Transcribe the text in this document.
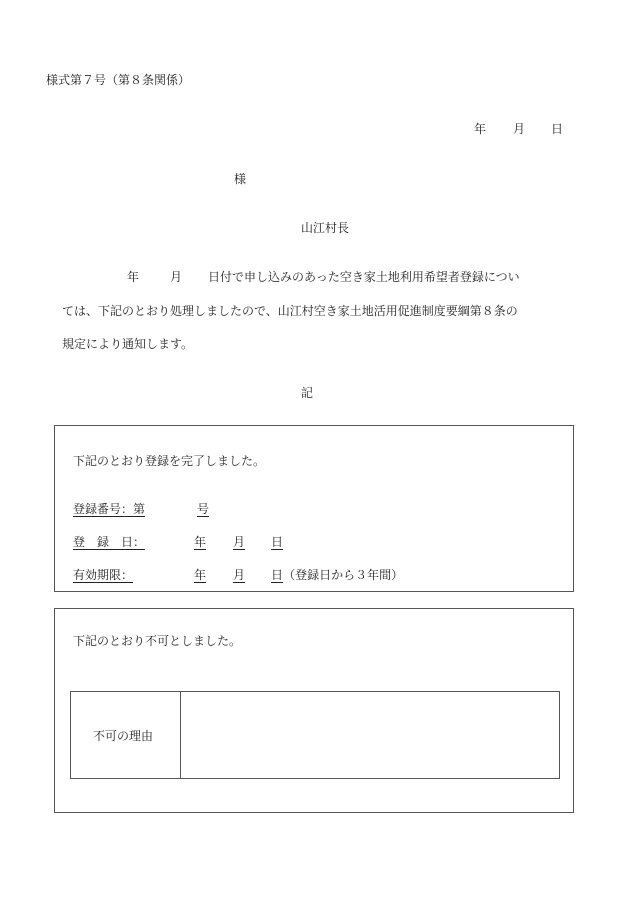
様式第７号（第８条関係）
年 月 日
様
山江村長
年	月 日付で申し込みのあった空き家土地利用希望者登録につい
ては、下記のとおり処理しましたので、山江村空き家土地活用促進制度要綱第８条の
規定により通知します。
記
下記のとおり登録を完了しました。
登録番号：第	号
登　録　日：	年 月 日
有効期限：	年 月 日（登録日から３年間）
下記のとおり不可としました。
不可の理由
